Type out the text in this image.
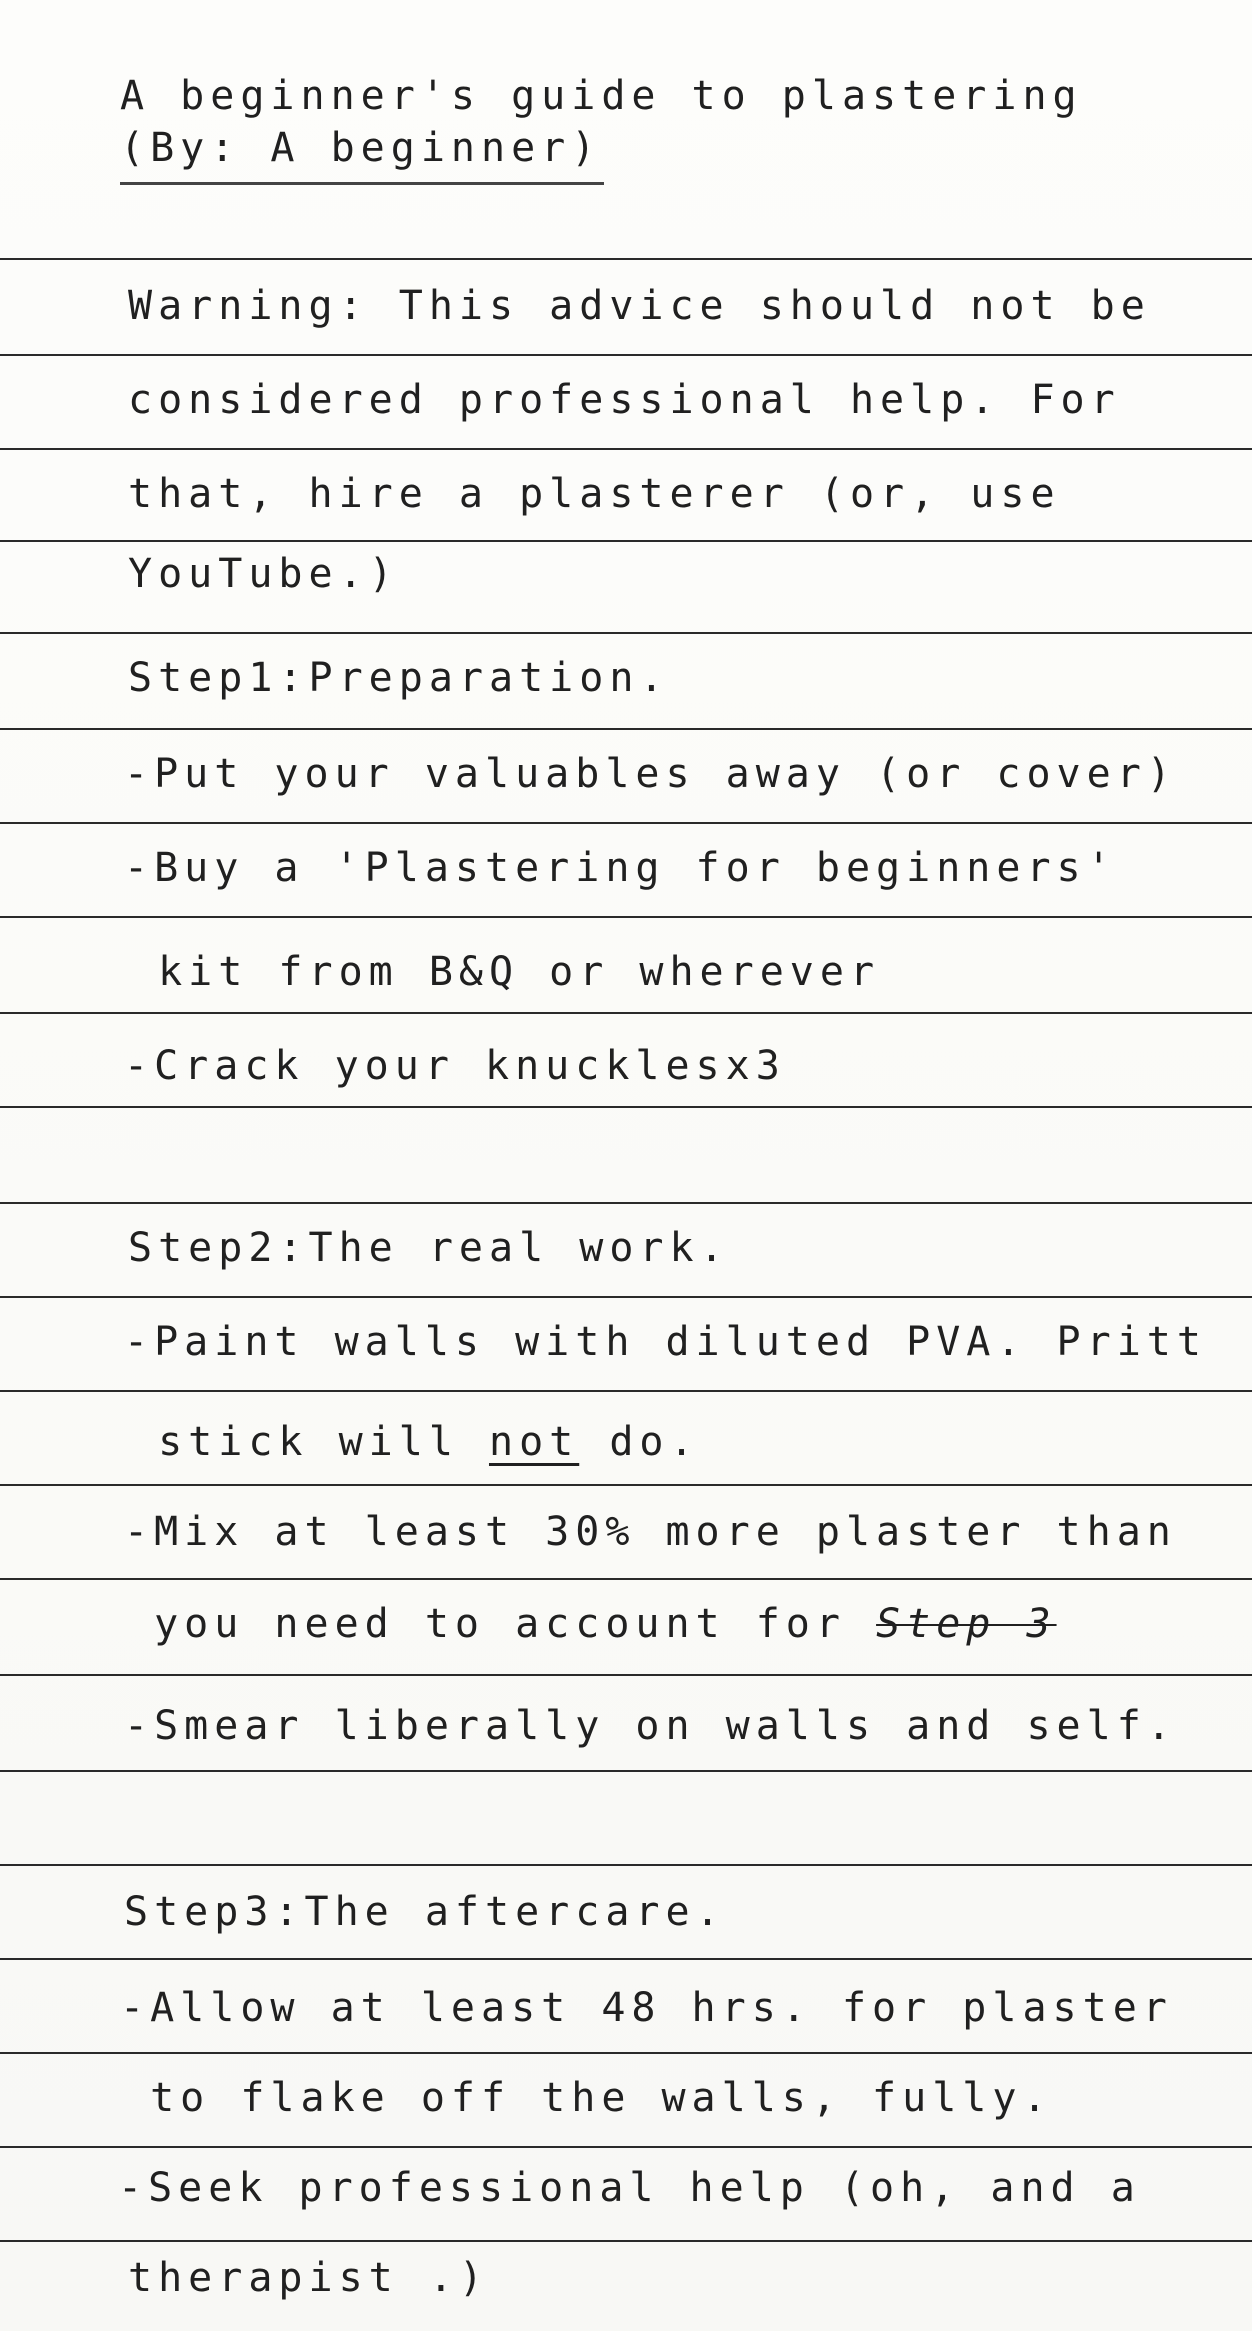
A beginner's guide to plastering
(By: A beginner)
Warning: This advice should not be
considered professional help. For
that, hire a plasterer (or, use
YouTube.)
Step1:Preparation.
-Put your valuables away (or cover)
-Buy a 'Plastering for beginners'
kit from B&Q or wherever
-Crack your knucklesx3
Step2:The real work.
-Paint walls with diluted PVA. Pritt
stick will not do.
-Mix at least 30% more plaster than
you need to account for Step 3
-Smear liberally on walls and self.
Step3:The aftercare.
-Allow at least 48 hrs. for plaster
to flake off the walls, fully.
-Seek professional help (oh, and a
therapist .)
